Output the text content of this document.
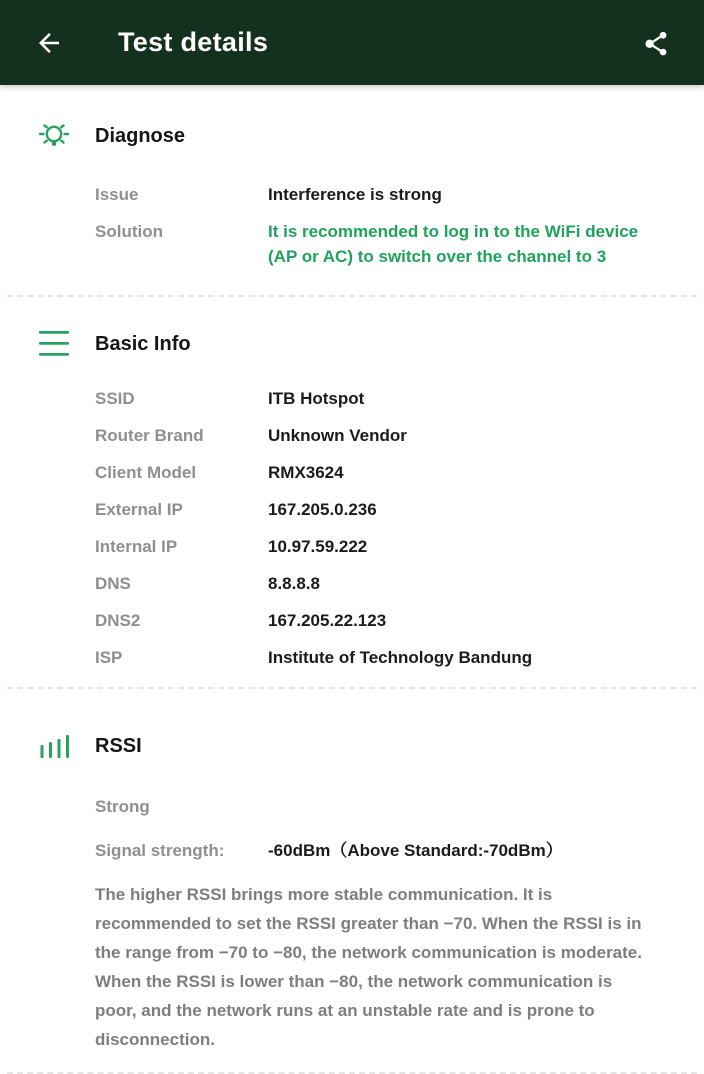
Test details
Diagnose
Issue	Interference is strong
Solution	It is recommended to log in to the WiFi device (AP or AC) to switch over the channel to 3
Basic Info
SSID	ITB Hotspot
Router Brand	Unknown Vendor
Client Model	RMX3624
External IP	167.205.0.236
Internal IP	10.97.59.222
DNS	8.8.8.8
DNS2	167.205.22.123
ISP	Institute of Technology Bandung
RSSI
Strong
Signal strength:	-60dBm（Above Standard:-70dBm）

The higher RSSI brings more stable communication. It is recommended to set the RSSI greater than −70. When the RSSI is in the range from −70 to −80, the network communication is moderate. When the RSSI is lower than −80, the network communication is poor, and the network runs at an unstable rate and is prone to disconnection.
